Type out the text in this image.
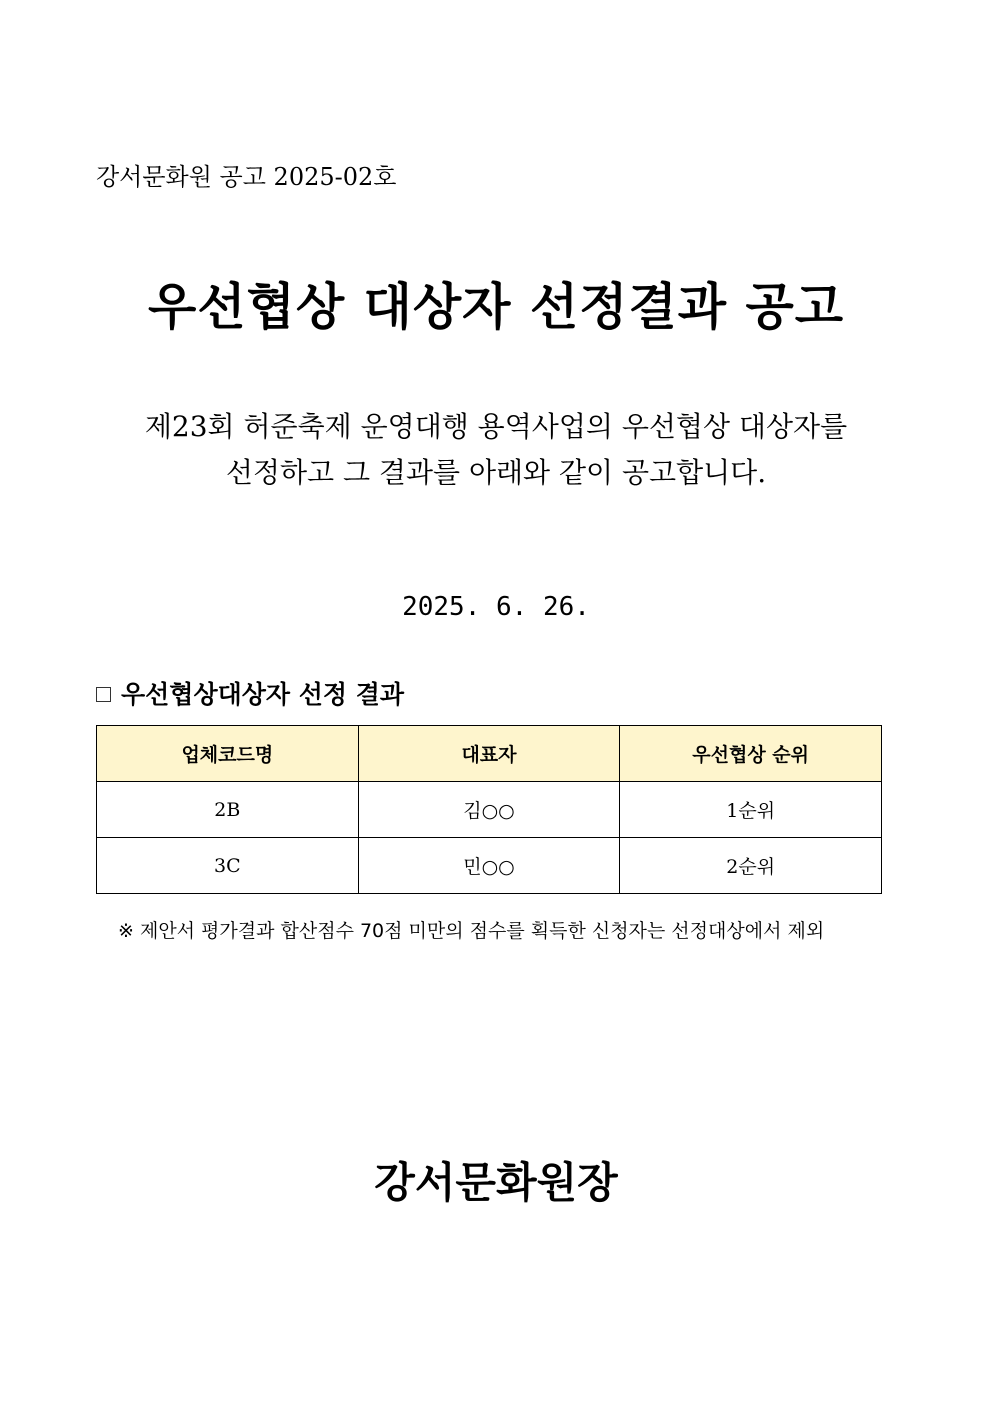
강서문화원 공고 2025-02호
우선협상 대상자 선정결과 공고
제23회 허준축제 운영대행 용역사업의 우선협상 대상자를
선정하고 그 결과를 아래와 같이 공고합니다.
2025. 6. 26.
우선협상대상자 선정 결과
업체코드명	대표자	우선협상 순위
2B	김○○	1순위
3C	민○○	2순위
※ 제안서 평가결과 합산점수 70점 미만의 점수를 획득한 신청자는 선정대상에서 제외
강서문화원장
